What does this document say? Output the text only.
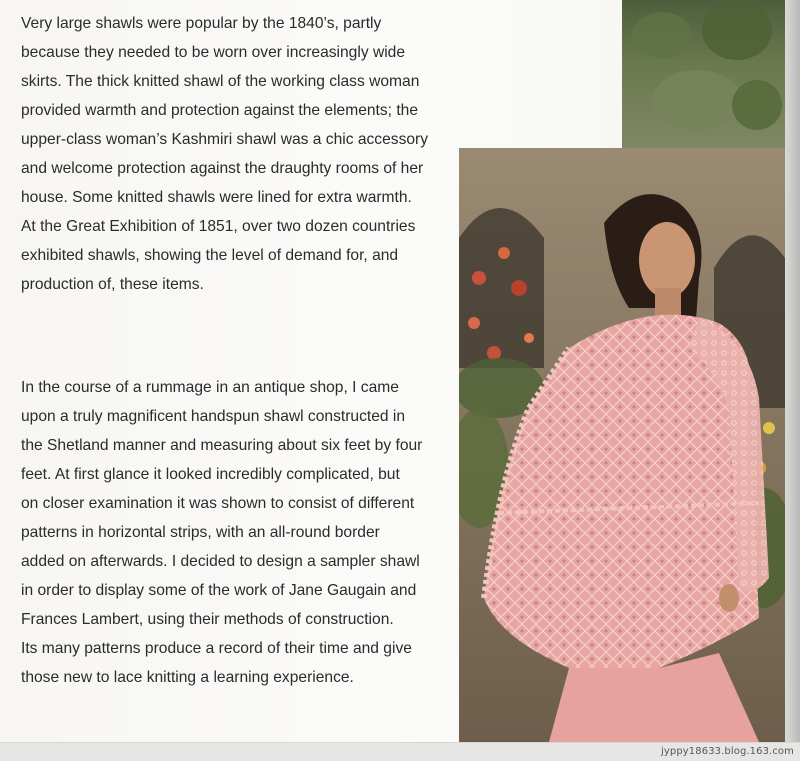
Very large shawls were popular by the 1840’s, partly
because they needed to be worn over increasingly wide
skirts. The thick knitted shawl of the working class woman
provided warmth and protection against the elements; the
upper-class woman’s Kashmiri shawl was a chic accessory
and welcome protection against the draughty rooms of her
house. Some knitted shawls were lined for extra warmth.
At the Great Exhibition of 1851, over two dozen countries
exhibited shawls, showing the level of demand for, and
production of, these items.

In the course of a rummage in an antique shop, I came
upon a truly magnificent handspun shawl constructed in
the Shetland manner and measuring about six feet by four
feet. At first glance it looked incredibly complicated, but
on closer examination it was shown to consist of different
patterns in horizontal strips, with an all-round border
added on afterwards. I decided to design a sampler shawl
in order to display some of the work of Jane Gaugain and
Frances Lambert, using their methods of construction.
Its many patterns produce a record of their time and give
those new to lace knitting a learning experience.

jyppy18633.blog.163.com
